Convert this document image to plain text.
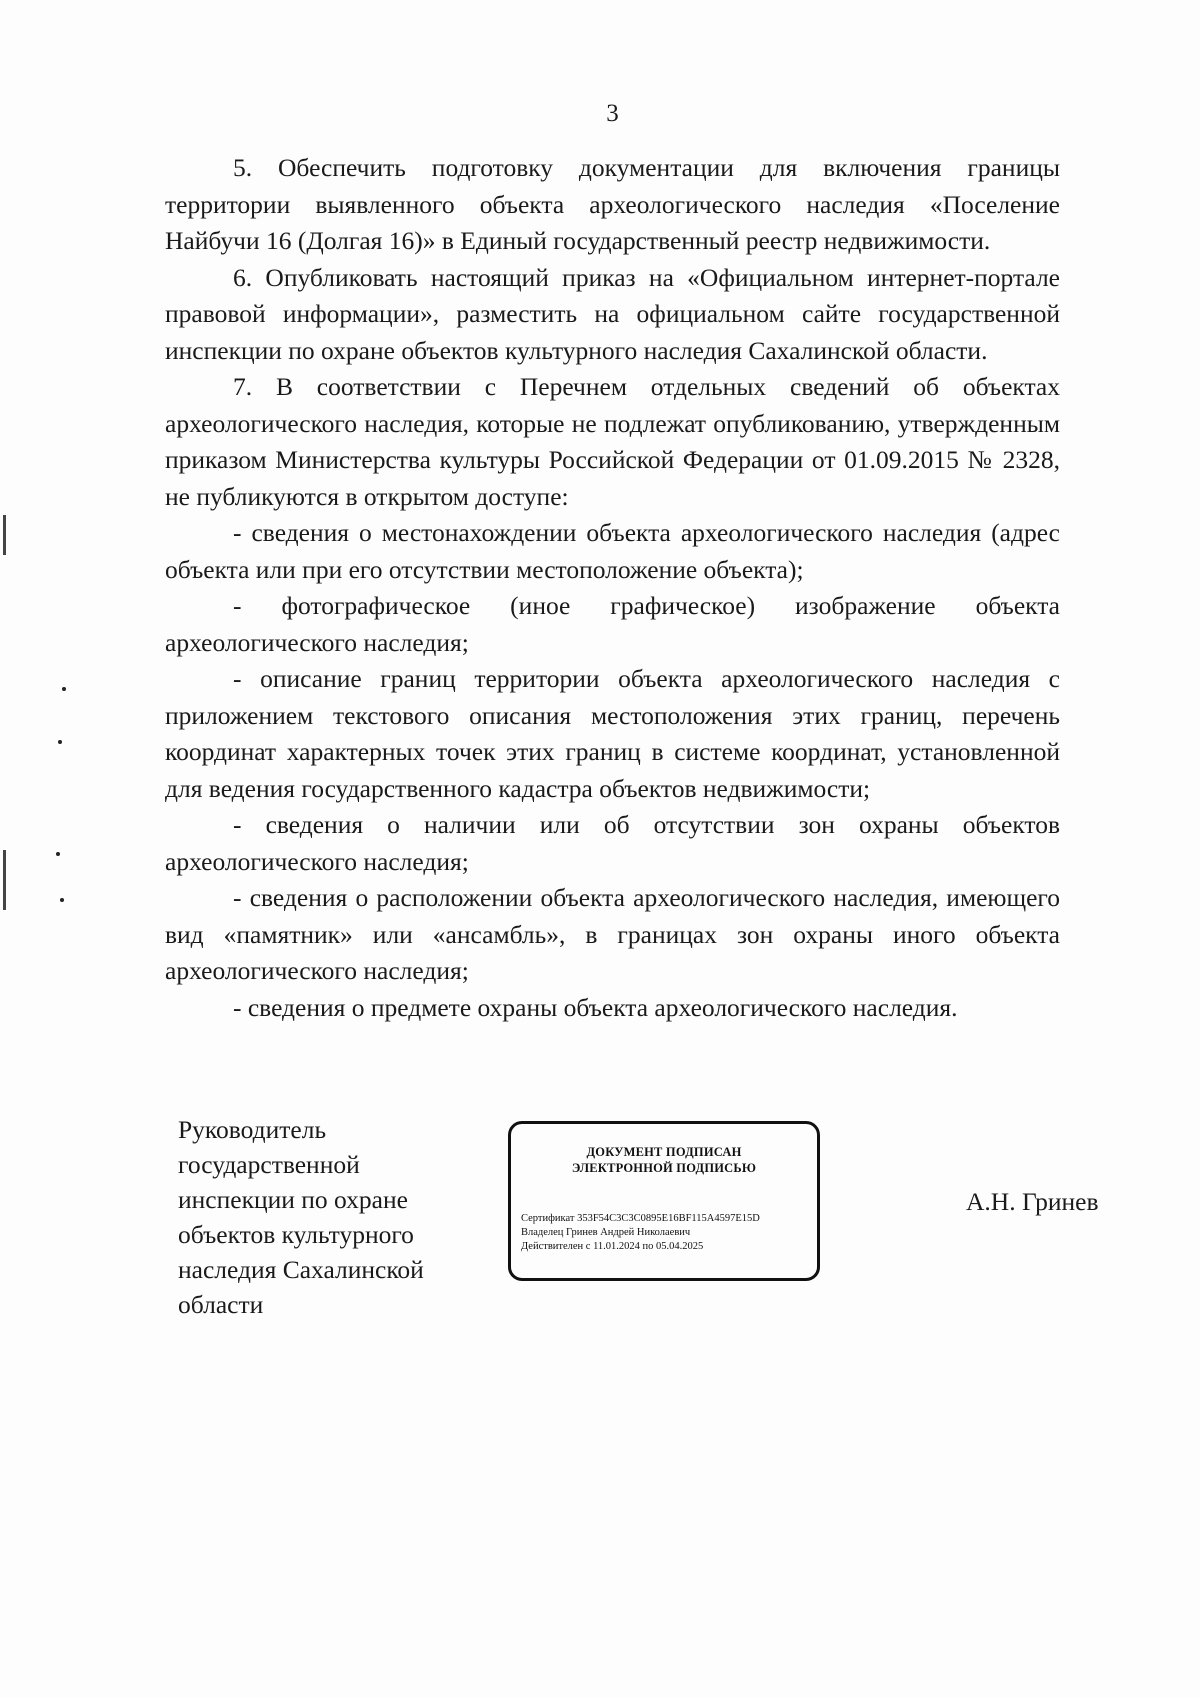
3

5. Обеспечить подготовку документации для включения границы территории выявленного объекта археологического наследия «Поселение Найбучи 16 (Долгая 16)» в Единый государственный реестр недвижимости.

6. Опубликовать настоящий приказ на «Официальном интернет-портале правовой информации», разместить на официальном сайте государственной инспекции по охране объектов культурного наследия Сахалинской области.

7. В соответствии с Перечнем отдельных сведений об объектах археологического наследия, которые не подлежат опубликованию, утвержденным приказом Министерства культуры Российской Федерации от 01.09.2015 № 2328, не публикуются в открытом доступе:

- сведения о местонахождении объекта археологического наследия (адрес объекта или при его отсутствии местоположение объекта);

- фотографическое (иное графическое) изображение объекта археологического наследия;

- описание границ территории объекта археологического наследия с приложением текстового описания местоположения этих границ, перечень координат характерных точек этих границ в системе координат, установленной для ведения государственного кадастра объектов недвижимости;

- сведения о наличии или об отсутствии зон охраны объектов археологического наследия;

- сведения о расположении объекта археологического наследия, имеющего вид «памятник» или «ансамбль», в границах зон охраны иного объекта археологического наследия;

- сведения о предмете охраны объекта археологического наследия.

Руководитель
государственной
инспекции по охране
объектов культурного
наследия Сахалинской
области
ДОКУМЕНТ ПОДПИСАН
ЭЛЕКТРОННОЙ ПОДПИСЬЮ
Сертификат 353F54C3C3C0895E16BF115A4597E15D
Владелец Гринев Андрей Николаевич
Действителен с 11.01.2024 по 05.04.2025
А.Н. Гринев
